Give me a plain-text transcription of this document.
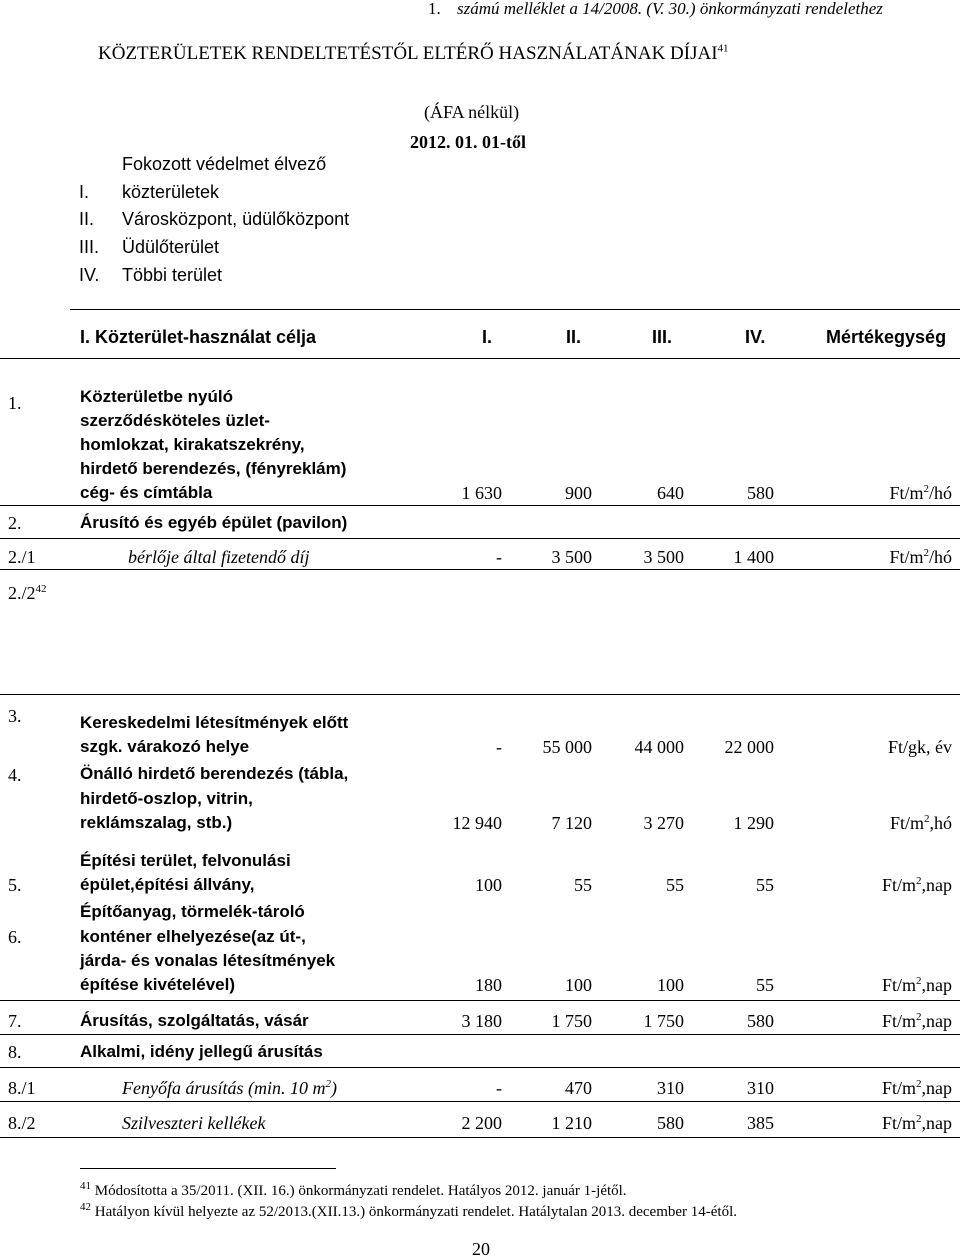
1. számú melléklet a 14/2008. (V. 30.) önkormányzati rendelethez
KÖZTERÜLETEK RENDELTETÉSTŐL ELTÉRŐ HASZNÁLATÁNAK DÍJAI$^{41}$
(ÁFA nélkül)
2012. 01. 01-től
Fokozott védelmet élvező
I. közterületek
II. Városközpont, üdülőközpont
III. Üdülőterület
IV. Többi terület
I. Közterület-használat célja	I.	II.	III.	IV.	Mértékegység
1.	Közterületbe nyúló
szerződésköteles üzlet-
homlokzat, kirakatszekrény,
hirdető berendezés, (fényreklám)
cég- és címtábla	1 630	900	640	580	$Ft/m^2/hó$
2.	Árusító és egyéb épület (pavilon)
2./1	bérlője által fizetendő díj	-	3 500	3 500	1 400	$Ft/m^2/hó$
$2./2^{42}$
3.	Kereskedelmi létesítmények előtt
szgk. várakozó helye	-	55 000	44 000	22 000	Ft/gk, év
4.	Önálló hirdető berendezés (tábla,
hirdető-oszlop, vitrin,
reklámszalag, stb.)	12 940	7 120	3 270	1 290	$Ft/m^2,hó$
5.
Építési terület, felvonulási
épület,építési állvány,	100	55	55	55	$Ft/m^2,nap$
6.
Építőanyag, törmelék-tároló
konténer elhelyezése(az út-,
járda- és vonalas létesítmények
építése kivételével)	180	100	100	55	$Ft/m^2,nap$
7.	Árusítás, szolgáltatás, vásár	3 180	1 750	1 750	580	$Ft/m^2,nap$
8.	Alkalmi, idény jellegű árusítás
8./1	Fenyőfa árusítás (min. 10 $m^2$)	-	470	310	310	$Ft/m^2,nap$
8./2	Szilveszteri kellékek	2 200	1 210	580	385	$Ft/m^2,nap$
$^{41}$ Módosította a 35/2011. (XII. 16.) önkormányzati rendelet. Hatályos 2012. január 1-jétől.
$^{42}$ Hatályon kívül helyezte az 52/2013.(XII.13.) önkormányzati rendelet. Hatálytalan 2013. december 14-étől.
20
